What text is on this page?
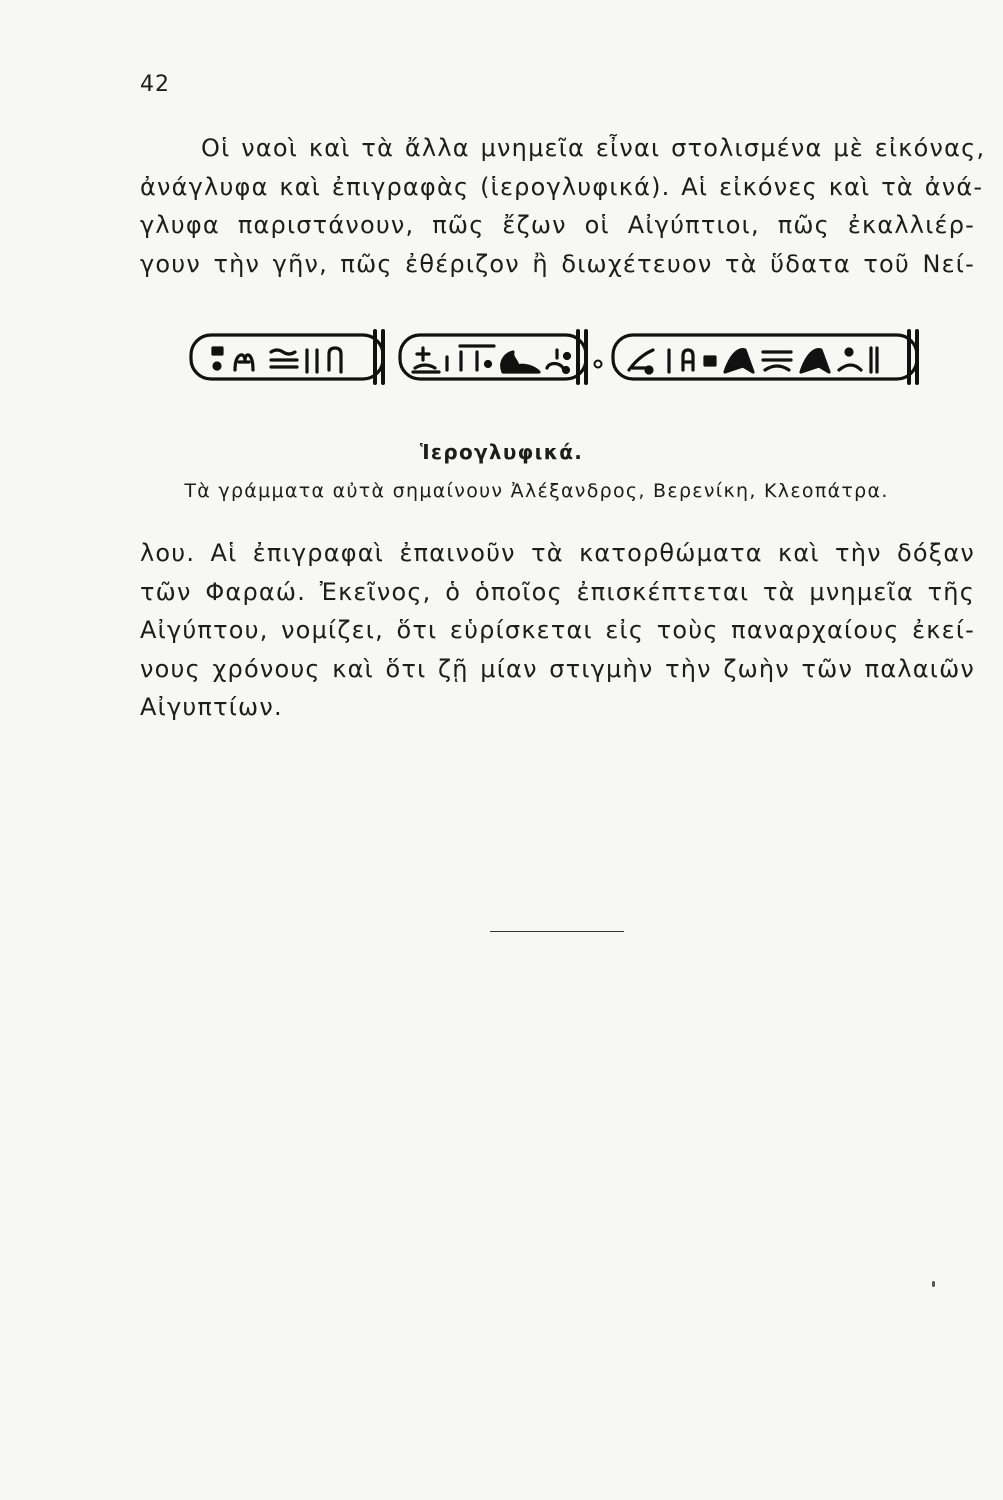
42
Οἱ ναοὶ καὶ τὰ ἄλλα μνημεῖα εἶναι στολισμένα μὲ εἰκόνας,
ἀνάγλυφα καὶ ἐπιγραφὰς (ἱερογλυφικά). Αἱ εἰκόνες καὶ τὰ ἀνά-
γλυφα παριστάνουν, πῶς ἔζων οἱ Αἰγύπτιοι, πῶς ἐκαλλιέρ-
γουν τὴν γῆν, πῶς ἐθέριζον ἢ διωχέτευον τὰ ὕδατα τοῦ Νεί-
Ἱερογλυφικά.
Τὰ γράμματα αὐτὰ σημαίνουν Ἀλέξανδρος, Βερενίκη, Κλεοπάτρα.
λου. Αἱ ἐπιγραφαὶ ἐπαινοῦν τὰ κατορθώματα καὶ τὴν δόξαν
τῶν Φαραώ. Ἐκεῖνος, ὁ ὁποῖος ἐπισκέπτεται τὰ μνημεῖα τῆς
Αἰγύπτου, νομίζει, ὅτι εὑρίσκεται εἰς τοὺς παναρχαίους ἐκεί-
νους χρόνους καὶ ὅτι ζῇ μίαν στιγμὴν τὴν ζωὴν τῶν παλαιῶν
Αἰγυπτίων.
